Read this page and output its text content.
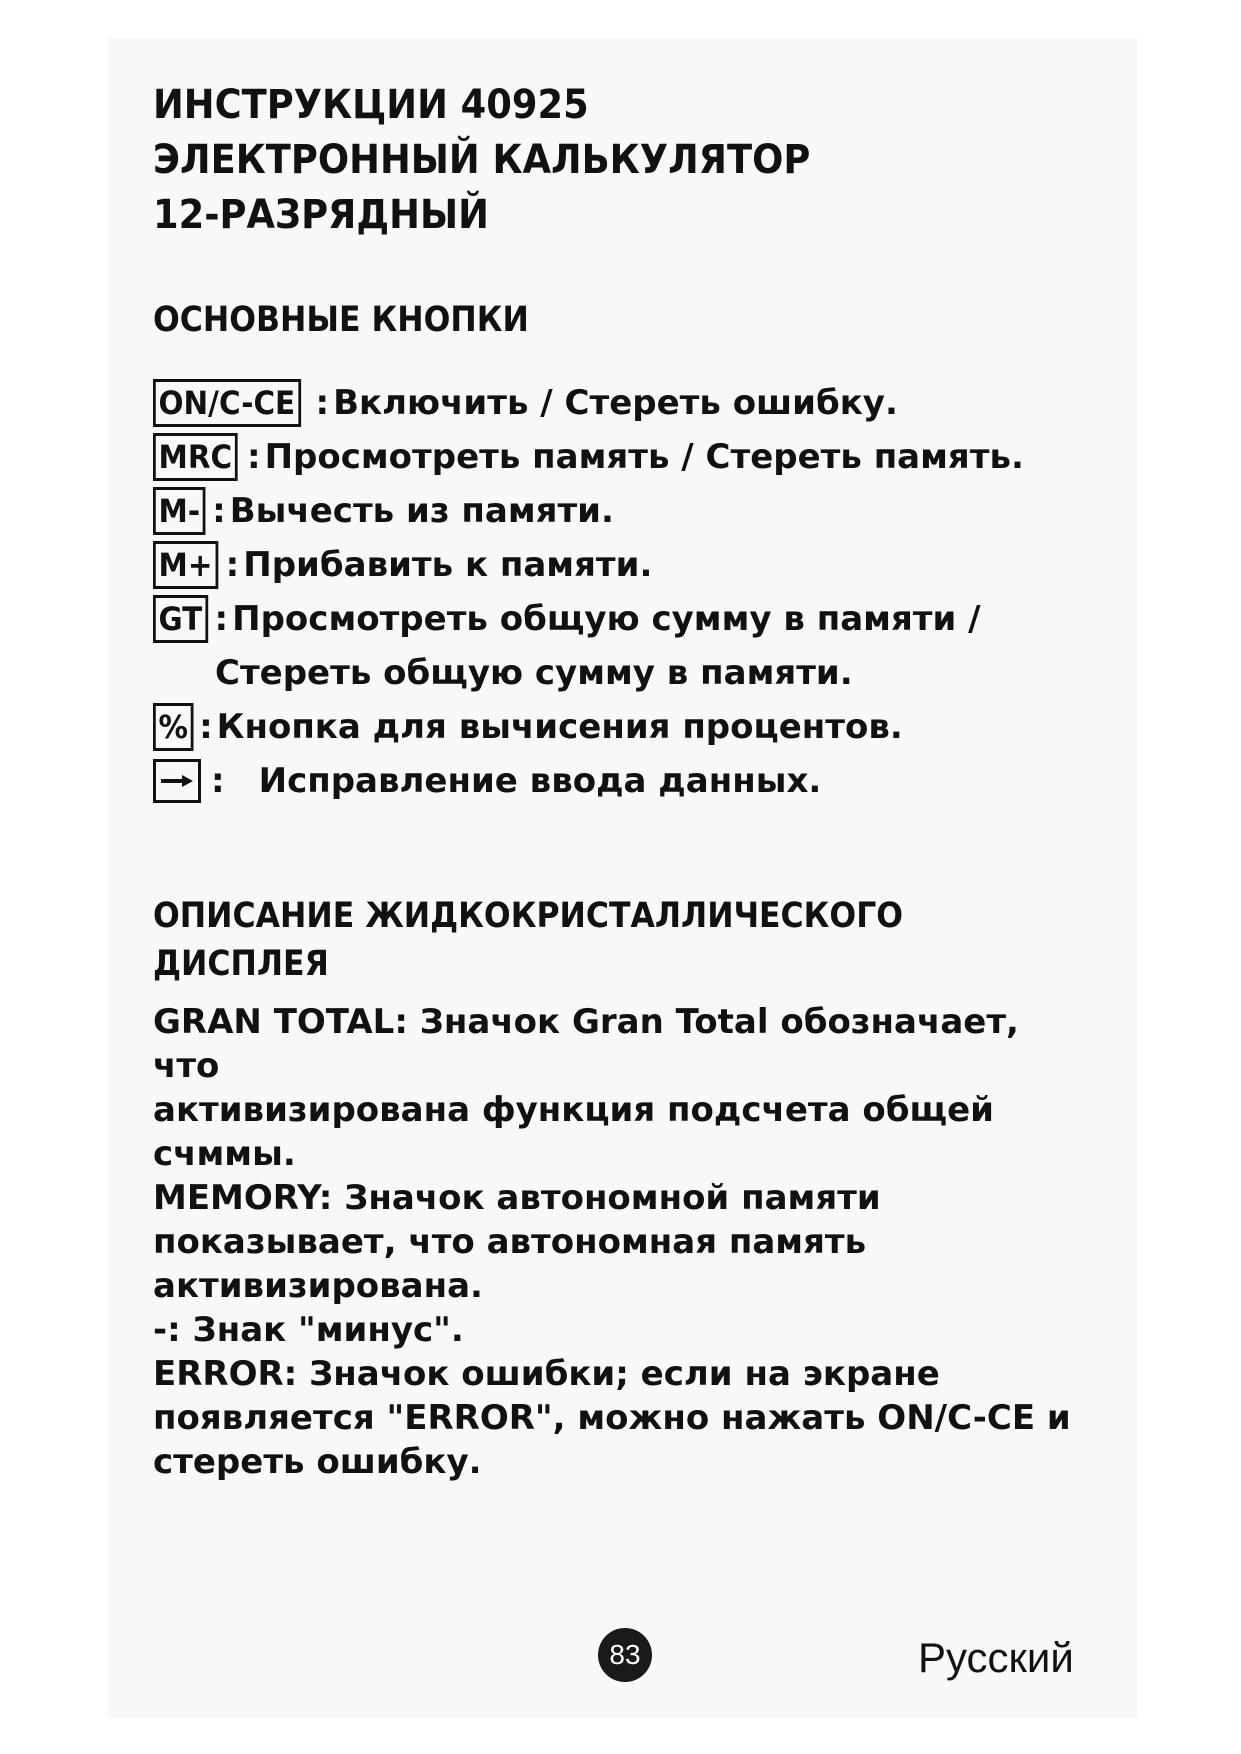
ИНСТРУКЦИИ 40925

ЭЛЕКТРОННЫЙ КАЛЬКУЛЯТОР

12-РАЗРЯДНЫЙ

ОСНОВНЫЕ КНОПКИ

ON/C-CE : Включить / Стереть ошибку.
MRC : Просмотреть память / Стереть память.
M- : Вычесть из памяти.
M+ : Прибавить к памяти.
GT : Просмотреть общую сумму в памяти /
Стереть общую сумму в памяти.
% : Кнопка для вычисения процентов.
:	Исправление ввода данных.

ОПИСАНИЕ ЖИДКОКРИСТАЛЛИЧЕСКОГО

ДИСПЛЕЯ

GRAN TOTAL: Значок Gran Total обозначает, что

активизирована функция подсчета общей

счммы.

MEMORY: Значок автономной памяти

показывает, что автономная память

активизирована.

-: Знак "минус".

ERROR: Значок ошибки; если на экране

появляется "ERROR", можно нажать ON/C-CE и

стереть ошибку.

83	Русский
